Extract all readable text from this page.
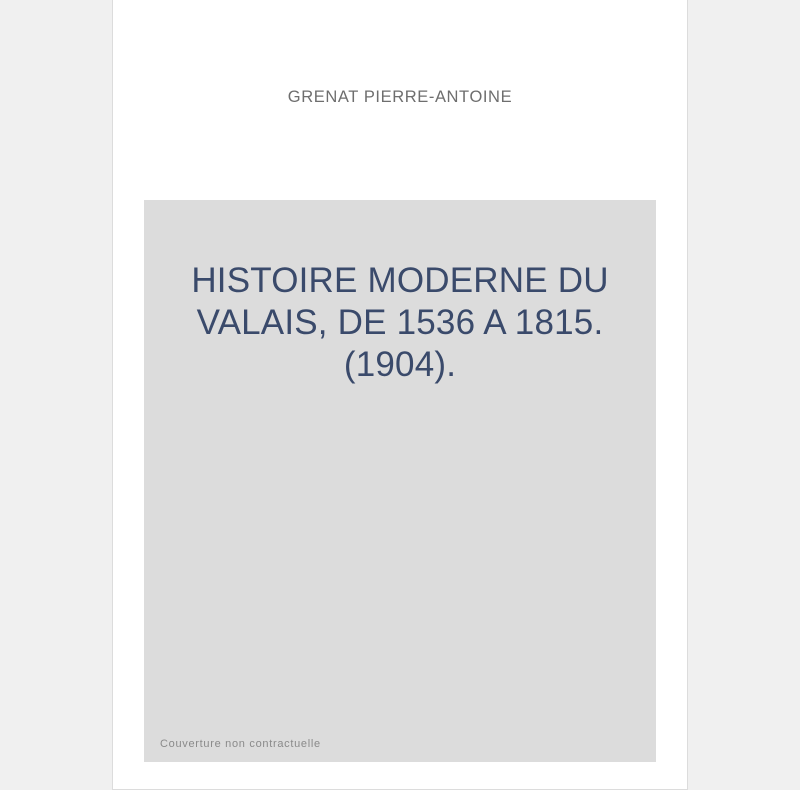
GRENAT PIERRE-ANTOINE
HISTOIRE MODERNE DU VALAIS, DE 1536 A 1815. (1904).
Couverture non contractuelle
